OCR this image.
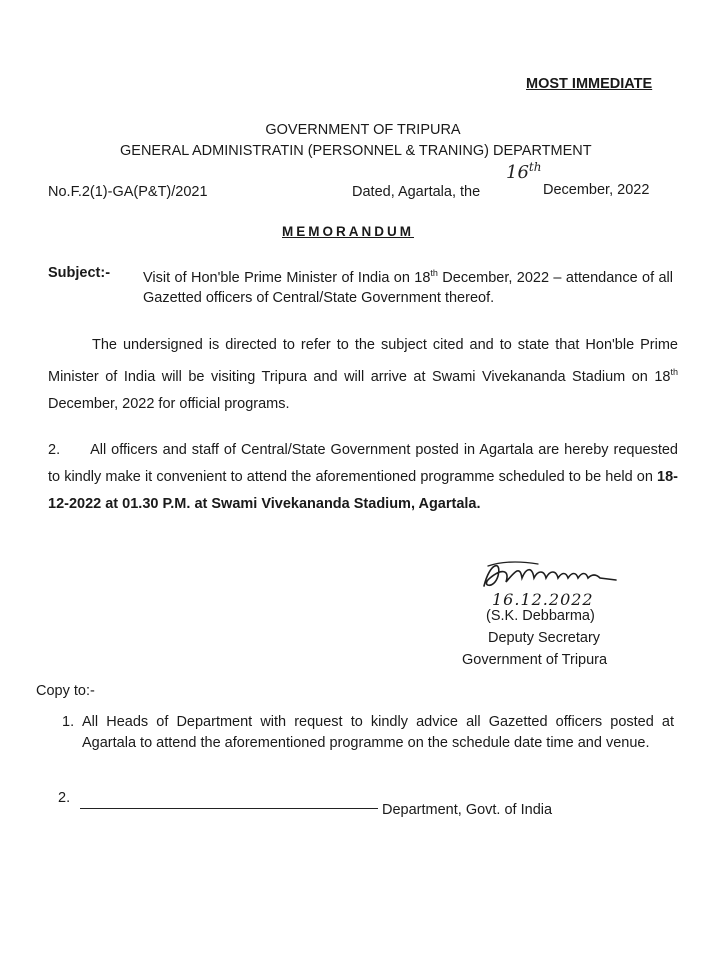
MOST IMMEDIATE
GOVERNMENT OF TRIPURA
GENERAL ADMINISTRATIN (PERSONNEL & TRANING) DEPARTMENT
No.F.2(1)-GA(P&T)/2021	Dated, Agartala, the
16th
December, 2022
MEMORANDUM
Subject:- Visit of Hon'ble Prime Minister of India on 18th December, 2022 – attendance of all Gazetted officers of Central/State Government thereof.
The undersigned is directed to refer to the subject cited and to state that Hon'ble Prime Minister of India will be visiting Tripura and will arrive at Swami Vivekananda Stadium on 18th December, 2022 for official programs.
2. All officers and staff of Central/State Government posted in Agartala are hereby requested to kindly make it convenient to attend the aforementioned programme scheduled to be held on 18-12-2022 at 01.30 P.M. at Swami Vivekananda Stadium, Agartala.
16.12.2022
(S.K. Debbarma)
Deputy Secretary
Government of Tripura
Copy to:-
1. All Heads of Department with request to kindly advice all Gazetted officers posted at Agartala to attend the aforementioned programme on the schedule date time and venue.
2.
Department, Govt. of India
